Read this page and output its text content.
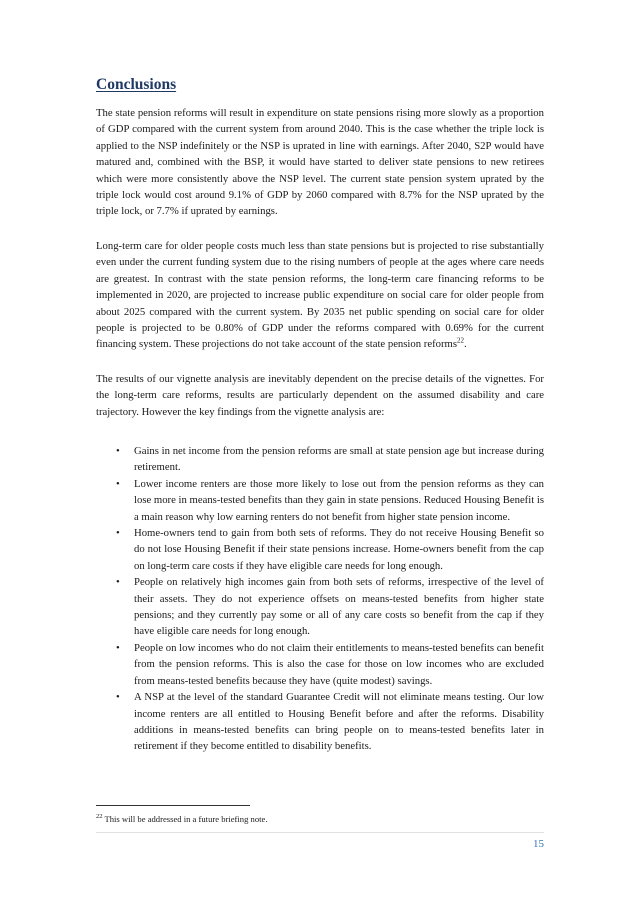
Conclusions
The state pension reforms will result in expenditure on state pensions rising more slowly as a proportion of GDP compared with the current system from around 2040. This is the case whether the triple lock is applied to the NSP indefinitely or the NSP is uprated in line with earnings. After 2040, S2P would have matured and, combined with the BSP, it would have started to deliver state pensions to new retirees which were more consistently above the NSP level. The current state pension system uprated by the triple lock would cost around 9.1% of GDP by 2060 compared with 8.7% for the NSP uprated by the triple lock, or 7.7% if uprated by earnings.
Long-term care for older people costs much less than state pensions but is projected to rise substantially even under the current funding system due to the rising numbers of people at the ages where care needs are greatest. In contrast with the state pension reforms, the long-term care financing reforms to be implemented in 2020, are projected to increase public expenditure on social care for older people from about 2025 compared with the current system. By 2035 net public spending on social care for older people is projected to be 0.80% of GDP under the reforms compared with 0.69% for the current financing system. These projections do not take account of the state pension reforms$^{22}$.
The results of our vignette analysis are inevitably dependent on the precise details of the vignettes. For the long-term care reforms, results are particularly dependent on the assumed disability and care trajectory. However the key findings from the vignette analysis are:
•	Gains in net income from the pension reforms are small at state pension age but increase during retirement.
•	Lower income renters are those more likely to lose out from the pension reforms as they can lose more in means-tested benefits than they gain in state pensions. Reduced Housing Benefit is a main reason why low earning renters do not benefit from higher state pension income.
•	Home-owners tend to gain from both sets of reforms. They do not receive Housing Benefit so do not lose Housing Benefit if their state pensions increase. Home-owners benefit from the cap on long-term care costs if they have eligible care needs for long enough.
•	People on relatively high incomes gain from both sets of reforms, irrespective of the level of their assets. They do not experience offsets on means-tested benefits from higher state pensions; and they currently pay some or all of any care costs so benefit from the cap if they have eligible care needs for long enough.
•	People on low incomes who do not claim their entitlements to means-tested benefits can benefit from the pension reforms. This is also the case for those on low incomes who are excluded from means-tested benefits because they have (quite modest) savings.
•	A NSP at the level of the standard Guarantee Credit will not eliminate means testing. Our low income renters are all entitled to Housing Benefit before and after the reforms. Disability additions in means-tested benefits can bring people on to means-tested benefits later in retirement if they become entitled to disability benefits.
$^{22}$ This will be addressed in a future briefing note.
15
